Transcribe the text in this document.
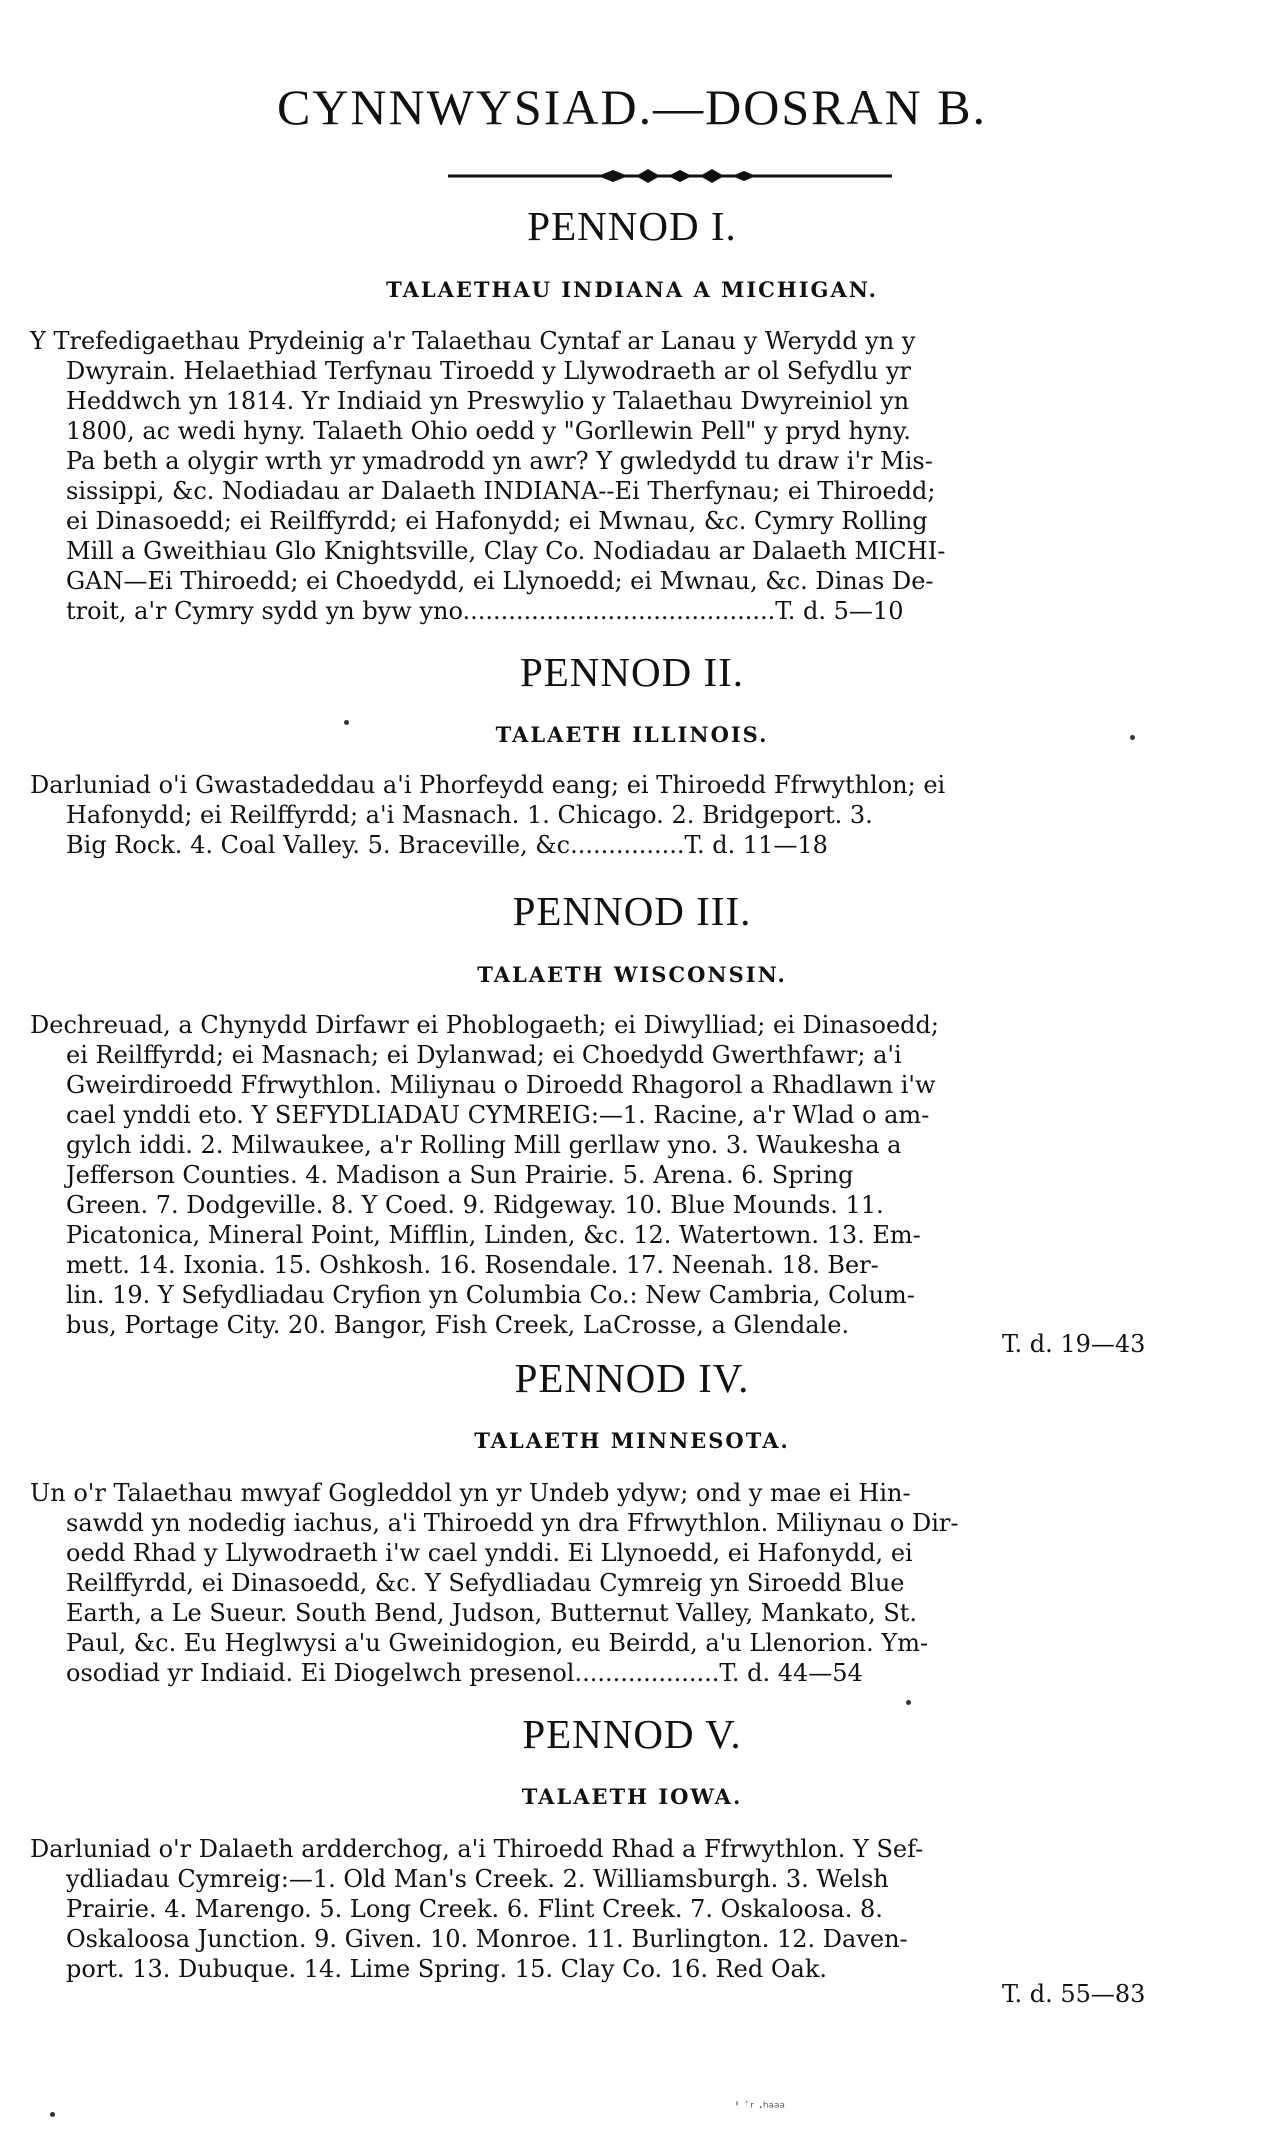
CYNNWYSIAD.—DOSRAN B.
PENNOD I.
TALAETHAU INDIANA A MICHIGAN.
Y Trefedigaethau Prydeinig a'r Talaethau Cyntaf ar Lanau y Werydd yn y
Dwyrain. Helaethiad Terfynau Tiroedd y Llywodraeth ar ol Sefydlu yr
Heddwch yn 1814. Yr Indiaid yn Preswylio y Talaethau Dwyreiniol yn
1800, ac wedi hyny. Talaeth Ohio oedd y "Gorllewin Pell" y pryd hyny.
Pa beth a olygir wrth yr ymadrodd yn awr? Y gwledydd tu draw i'r Mis-
sissippi, &c. Nodiadau ar Dalaeth INDIANA--Ei Therfynau; ei Thiroedd;
ei Dinasoedd; ei Reilffyrdd; ei Hafonydd; ei Mwnau, &c. Cymry Rolling
Mill a Gweithiau Glo Knightsville, Clay Co. Nodiadau ar Dalaeth MICHI-
GAN—Ei Thiroedd; ei Choedydd, ei Llynoedd; ei Mwnau, &c. Dinas De-
troit, a'r Cymry sydd yn byw yno.........................................T. d. 5—10
PENNOD II.
TALAETH ILLINOIS.
Darluniad o'i Gwastadeddau a'i Phorfeydd eang; ei Thiroedd Ffrwythlon; ei
Hafonydd; ei Reilffyrdd; a'i Masnach. 1. Chicago. 2. Bridgeport. 3.
Big Rock. 4. Coal Valley. 5. Braceville, &c...............T. d. 11—18
PENNOD III.
TALAETH WISCONSIN.
Dechreuad, a Chynydd Dirfawr ei Phoblogaeth; ei Diwylliad; ei Dinasoedd;
ei Reilffyrdd; ei Masnach; ei Dylanwad; ei Choedydd Gwerthfawr; a'i
Gweirdiroedd Ffrwythlon. Miliynau o Diroedd Rhagorol a Rhadlawn i'w
cael ynddi eto. Y SEFYDLIADAU CYMREIG:—1. Racine, a'r Wlad o am-
gylch iddi. 2. Milwaukee, a'r Rolling Mill gerllaw yno. 3. Waukesha a
Jefferson Counties. 4. Madison a Sun Prairie. 5. Arena. 6. Spring
Green. 7. Dodgeville. 8. Y Coed. 9. Ridgeway. 10. Blue Mounds. 11.
Picatonica, Mineral Point, Mifflin, Linden, &c. 12. Watertown. 13. Em-
mett. 14. Ixonia. 15. Oshkosh. 16. Rosendale. 17. Neenah. 18. Ber-
lin. 19. Y Sefydliadau Cryfion yn Columbia Co.: New Cambria, Colum-
bus, Portage City. 20. Bangor, Fish Creek, LaCrosse, a Glendale.
T. d. 19—43
PENNOD IV.
TALAETH MINNESOTA.
Un o'r Talaethau mwyaf Gogleddol yn yr Undeb ydyw; ond y mae ei Hin-
sawdd yn nodedig iachus, a'i Thiroedd yn dra Ffrwythlon. Miliynau o Dir-
oedd Rhad y Llywodraeth i'w cael ynddi. Ei Llynoedd, ei Hafonydd, ei
Reilffyrdd, ei Dinasoedd, &c. Y Sefydliadau Cymreig yn Siroedd Blue
Earth, a Le Sueur. South Bend, Judson, Butternut Valley, Mankato, St.
Paul, &c. Eu Heglwysi a'u Gweinidogion, eu Beirdd, a'u Llenorion. Ym-
osodiad yr Indiaid. Ei Diogelwch presenol...................T. d. 44—54
PENNOD V.
TALAETH IOWA.
Darluniad o'r Dalaeth ardderchog, a'i Thiroedd Rhad a Ffrwythlon. Y Sef-
ydliadau Cymreig:—1. Old Man's Creek. 2. Williamsburgh. 3. Welsh
Prairie. 4. Marengo. 5. Long Creek. 6. Flint Creek. 7. Oskaloosa. 8.
Oskaloosa Junction. 9. Given. 10. Monroe. 11. Burlington. 12. Daven-
port. 13. Dubuque. 14. Lime Spring. 15. Clay Co. 16. Red Oak.
T. d. 55—83
' ˙ʳ ·ʰᵃᵃᵃ
